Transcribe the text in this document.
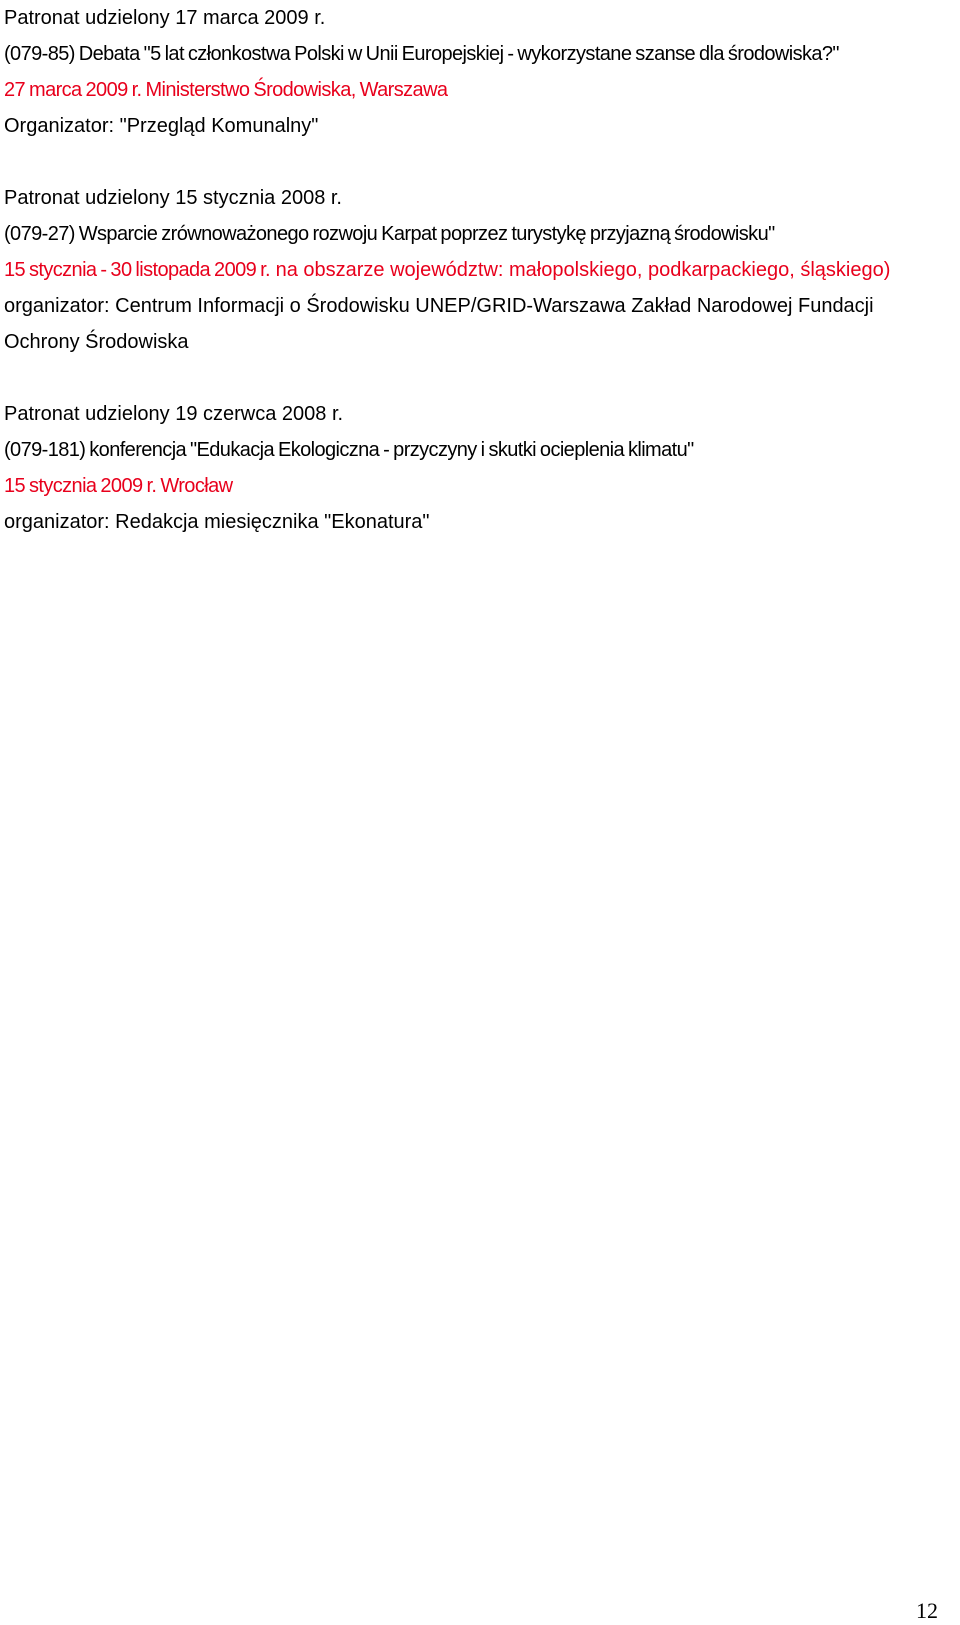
Patronat udzielony 17 marca 2009 r.

(079-85) Debata "5 lat członkostwa Polski w Unii Europejskiej - wykorzystane szanse dla środowiska?"

27 marca 2009 r. Ministerstwo Środowiska, Warszawa

Organizator: "Przegląd Komunalny"

Patronat udzielony 15 stycznia 2008 r.

(079-27) Wsparcie zrównoważonego rozwoju Karpat poprzez turystykę przyjazną środowisku"

15 stycznia - 30 listopada 2009 r. na obszarze województw: małopolskiego, podkarpackiego, śląskiego)

organizator: Centrum Informacji o Środowisku UNEP/GRID-Warszawa Zakład Narodowej Fundacji Ochrony Środowiska

Patronat udzielony 19 czerwca 2008 r.

(079-181) konferencja "Edukacja Ekologiczna - przyczyny i skutki ocieplenia klimatu"

15 stycznia 2009 r. Wrocław

organizator: Redakcja miesięcznika "Ekonatura"

12
